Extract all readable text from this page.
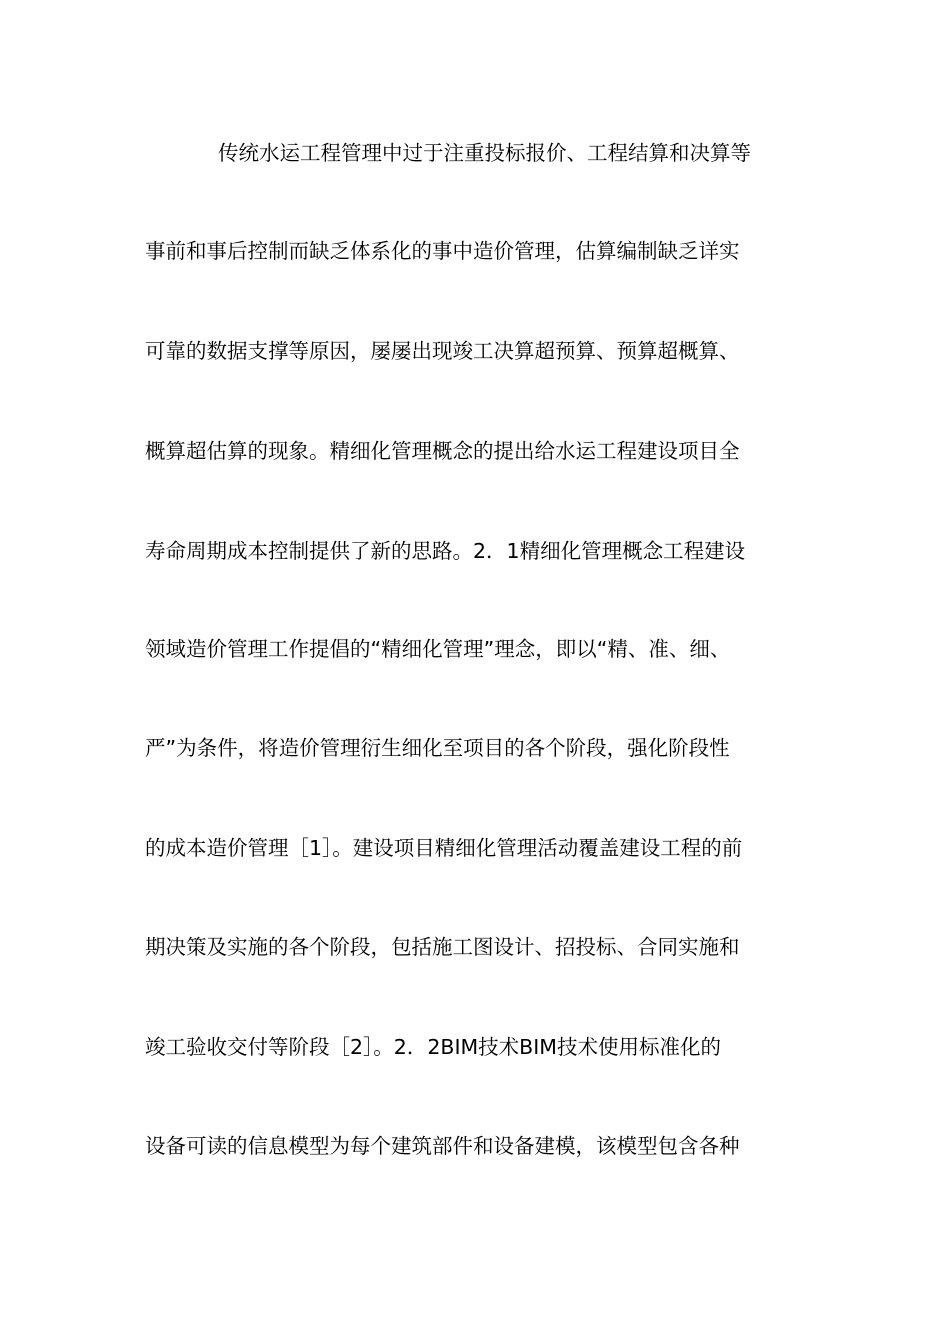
传统水运工程管理中过于注重投标报价、工程结算和决算等
事前和事后控制而缺乏体系化的事中造价管理，估算编制缺乏详实
可靠的数据支撑等原因，屡屡出现竣工决算超预算、预算超概算、
概算超估算的现象。精细化管理概念的提出给水运工程建设项目全
寿命周期成本控制提供了新的思路。2．1精细化管理概念工程建设
领域造价管理工作提倡的“精细化管理”理念，即以“精、准、细、
严”为条件，将造价管理衍生细化至项目的各个阶段，强化阶段性
的成本造价管理［1］。建设项目精细化管理活动覆盖建设工程的前
期决策及实施的各个阶段，包括施工图设计、招投标、合同实施和
竣工验收交付等阶段［2］。2．2BIM技术BIM技术使用标准化的
设备可读的信息模型为每个建筑部件和设备建模，该模型包含各种
